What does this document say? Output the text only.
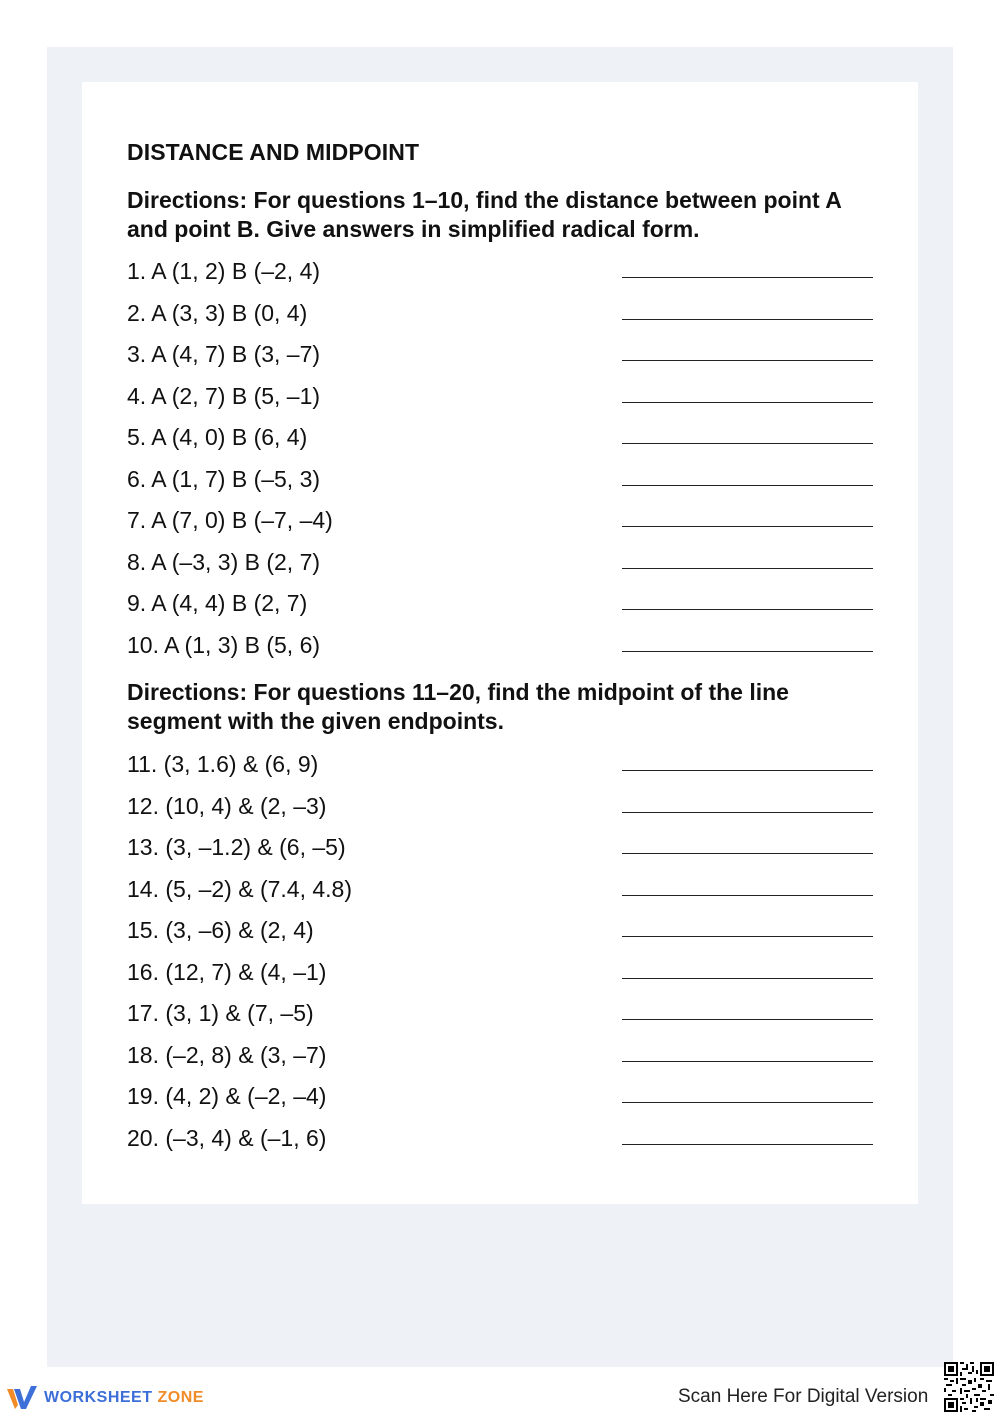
DISTANCE AND MIDPOINT
Directions: For questions 1–10, find the distance between point A and point B. Give answers in simplified radical form.
1. A (1, 2) B (–2, 4)
2. A (3, 3) B (0, 4)
3. A (4, 7) B (3, –7)
4. A (2, 7) B (5, –1)
5. A (4, 0) B (6, 4)
6. A (1, 7) B (–5, 3)
7. A (7, 0) B (–7, –4)
8. A (–3, 3) B (2, 7)
9. A (4, 4) B (2, 7)
10. A (1, 3) B (5, 6)
Directions: For questions 11–20, find the midpoint of the line segment with the given endpoints.
11. (3, 1.6) & (6, 9)
12. (10, 4) & (2, –3)
13. (3, –1.2) & (6, –5)
14. (5, –2) & (7.4, 4.8)
15. (3, –6) & (2, 4)
16. (12, 7) & (4, –1)
17. (3, 1) & (7, –5)
18. (–2, 8) & (3, –7)
19. (4, 2) & (–2, –4)
20. (–3, 4) & (–1, 6)
WORKSHEET ZONE	Scan Here For Digital Version
